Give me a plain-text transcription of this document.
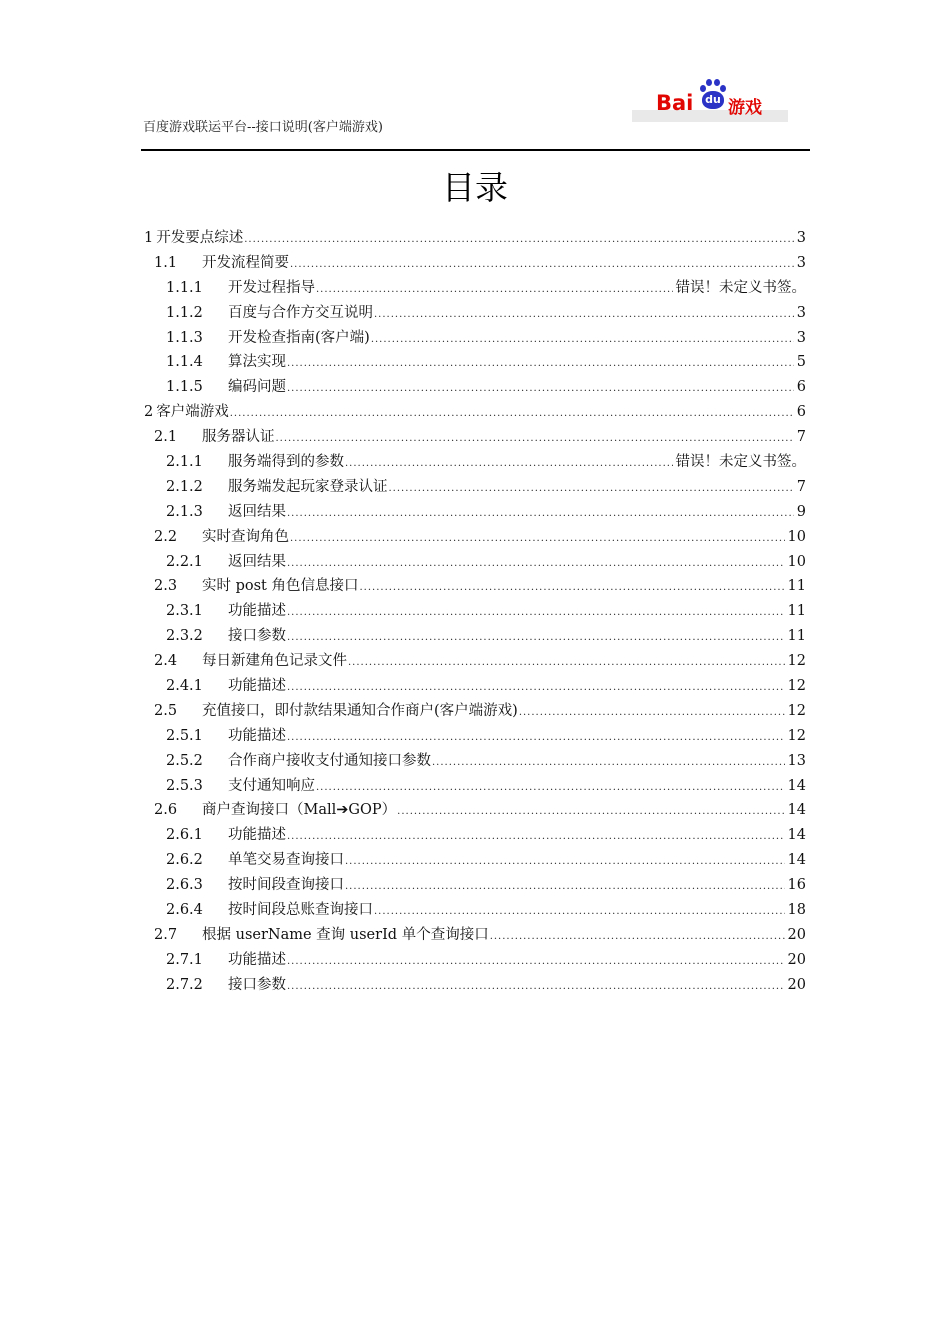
百度游戏联运平台--接口说明(客户端游戏)
Bai du 游戏
目录
1 开发要点综述 .....	3
1.1	开发流程简要 .....	3
1.1.1	开发过程指导 .....	错误！未定义书签。
1.1.2	百度与合作方交互说明 .....	3
1.1.3	开发检查指南(客户端) .....	3
1.1.4	算法实现 .....	5
1.1.5	编码问题 .....	6
2 客户端游戏 .....	6
2.1	服务器认证 .....	7
2.1.1	服务端得到的参数 .....	错误！未定义书签。
2.1.2	服务端发起玩家登录认证 .....	7
2.1.3	返回结果 .....	9
2.2	实时查询角色 .....	10
2.2.1	返回结果 .....	10
2.3	实时 post 角色信息接口 .....	11
2.3.1	功能描述 .....	11
2.3.2	接口参数 .....	11
2.4	每日新建角色记录文件 .....	12
2.4.1	功能描述 .....	12
2.5	充值接口，即付款结果通知合作商户(客户端游戏) .....	12
2.5.1	功能描述 .....	12
2.5.2	合作商户接收支付通知接口参数 .....	13
2.5.3	支付通知响应 .....	14
2.6	商户查询接口（Mall➔GOP） .....	14
2.6.1	功能描述 .....	14
2.6.2	单笔交易查询接口 .....	14
2.6.3	按时间段查询接口 .....	16
2.6.4	按时间段总账查询接口 .....	18
2.7	根据 userName 查询 userId 单个查询接口 .....	20
2.7.1	功能描述 .....	20
2.7.2	接口参数 .....	20
